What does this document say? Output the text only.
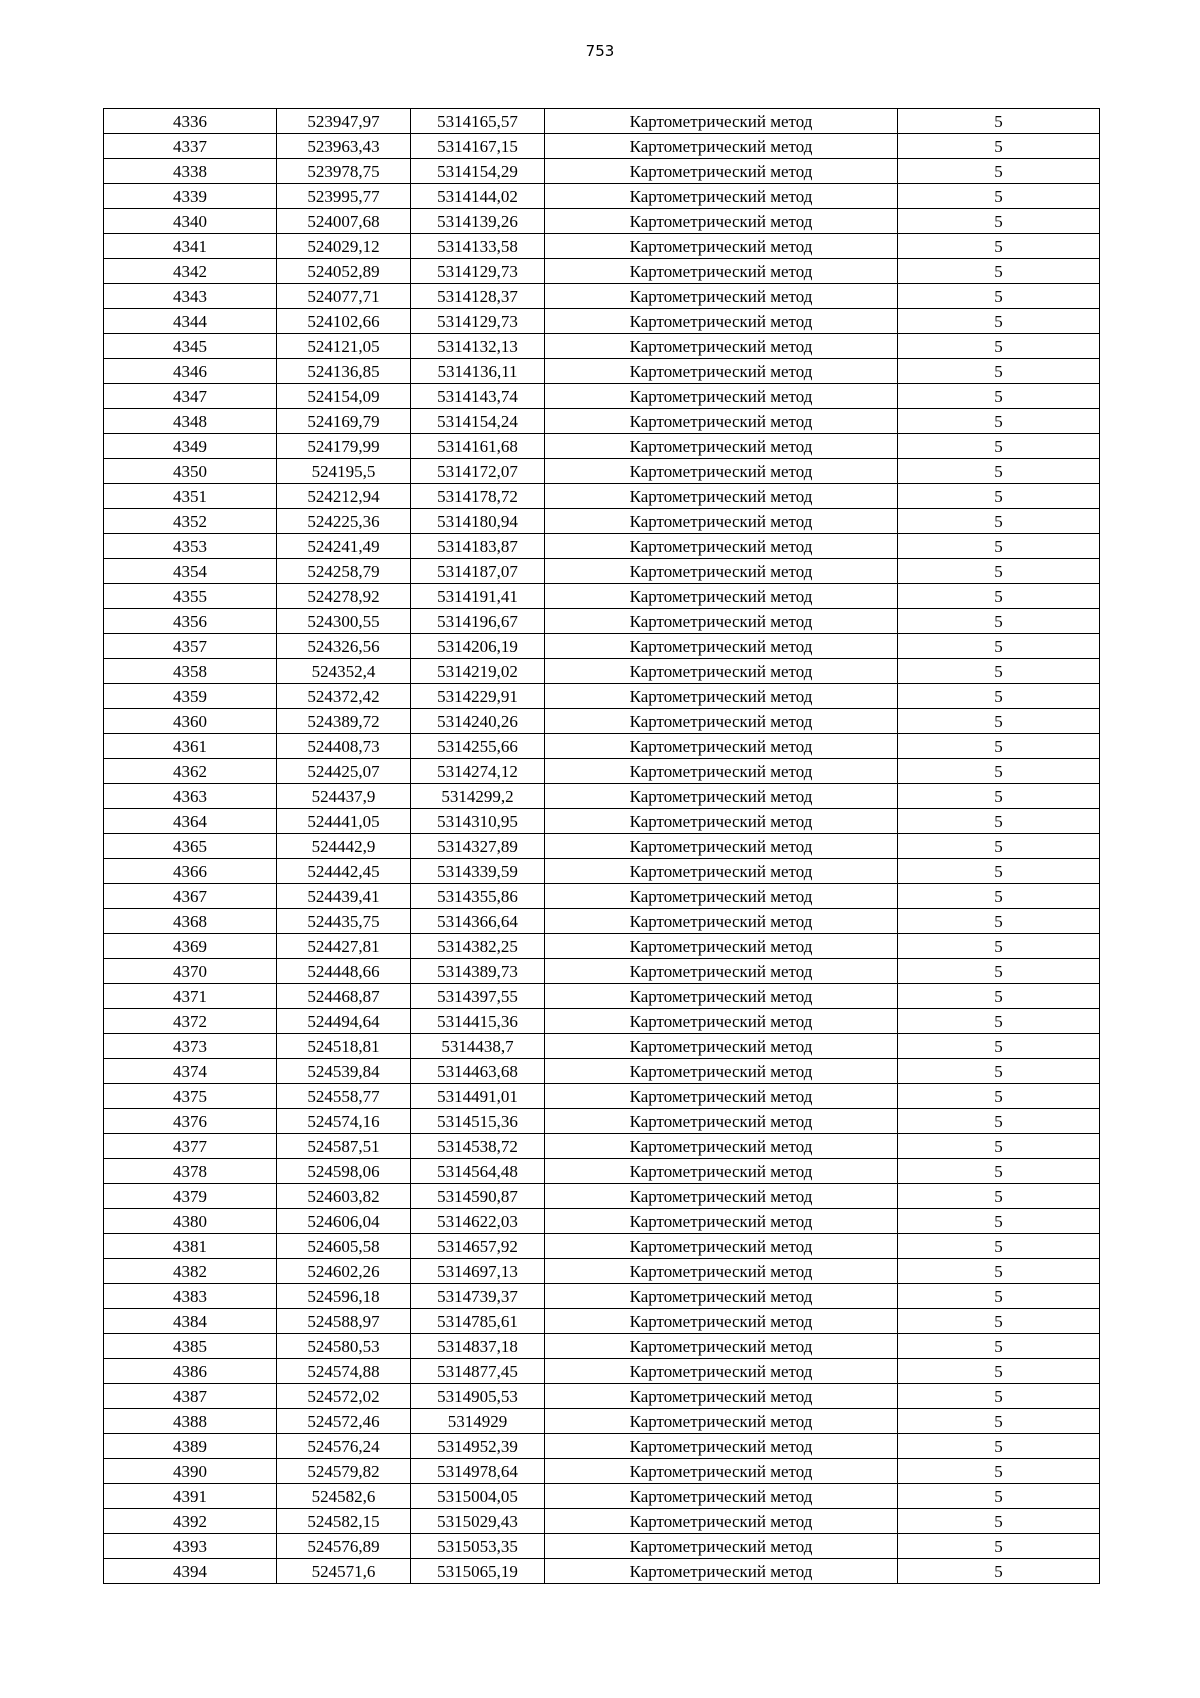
753
4336	523947,97	5314165,57	Картометрический метод	5
4337	523963,43	5314167,15	Картометрический метод	5
4338	523978,75	5314154,29	Картометрический метод	5
4339	523995,77	5314144,02	Картометрический метод	5
4340	524007,68	5314139,26	Картометрический метод	5
4341	524029,12	5314133,58	Картометрический метод	5
4342	524052,89	5314129,73	Картометрический метод	5
4343	524077,71	5314128,37	Картометрический метод	5
4344	524102,66	5314129,73	Картометрический метод	5
4345	524121,05	5314132,13	Картометрический метод	5
4346	524136,85	5314136,11	Картометрический метод	5
4347	524154,09	5314143,74	Картометрический метод	5
4348	524169,79	5314154,24	Картометрический метод	5
4349	524179,99	5314161,68	Картометрический метод	5
4350	524195,5	5314172,07	Картометрический метод	5
4351	524212,94	5314178,72	Картометрический метод	5
4352	524225,36	5314180,94	Картометрический метод	5
4353	524241,49	5314183,87	Картометрический метод	5
4354	524258,79	5314187,07	Картометрический метод	5
4355	524278,92	5314191,41	Картометрический метод	5
4356	524300,55	5314196,67	Картометрический метод	5
4357	524326,56	5314206,19	Картометрический метод	5
4358	524352,4	5314219,02	Картометрический метод	5
4359	524372,42	5314229,91	Картометрический метод	5
4360	524389,72	5314240,26	Картометрический метод	5
4361	524408,73	5314255,66	Картометрический метод	5
4362	524425,07	5314274,12	Картометрический метод	5
4363	524437,9	5314299,2	Картометрический метод	5
4364	524441,05	5314310,95	Картометрический метод	5
4365	524442,9	5314327,89	Картометрический метод	5
4366	524442,45	5314339,59	Картометрический метод	5
4367	524439,41	5314355,86	Картометрический метод	5
4368	524435,75	5314366,64	Картометрический метод	5
4369	524427,81	5314382,25	Картометрический метод	5
4370	524448,66	5314389,73	Картометрический метод	5
4371	524468,87	5314397,55	Картометрический метод	5
4372	524494,64	5314415,36	Картометрический метод	5
4373	524518,81	5314438,7	Картометрический метод	5
4374	524539,84	5314463,68	Картометрический метод	5
4375	524558,77	5314491,01	Картометрический метод	5
4376	524574,16	5314515,36	Картометрический метод	5
4377	524587,51	5314538,72	Картометрический метод	5
4378	524598,06	5314564,48	Картометрический метод	5
4379	524603,82	5314590,87	Картометрический метод	5
4380	524606,04	5314622,03	Картометрический метод	5
4381	524605,58	5314657,92	Картометрический метод	5
4382	524602,26	5314697,13	Картометрический метод	5
4383	524596,18	5314739,37	Картометрический метод	5
4384	524588,97	5314785,61	Картометрический метод	5
4385	524580,53	5314837,18	Картометрический метод	5
4386	524574,88	5314877,45	Картометрический метод	5
4387	524572,02	5314905,53	Картометрический метод	5
4388	524572,46	5314929	Картометрический метод	5
4389	524576,24	5314952,39	Картометрический метод	5
4390	524579,82	5314978,64	Картометрический метод	5
4391	524582,6	5315004,05	Картометрический метод	5
4392	524582,15	5315029,43	Картометрический метод	5
4393	524576,89	5315053,35	Картометрический метод	5
4394	524571,6	5315065,19	Картометрический метод	5
